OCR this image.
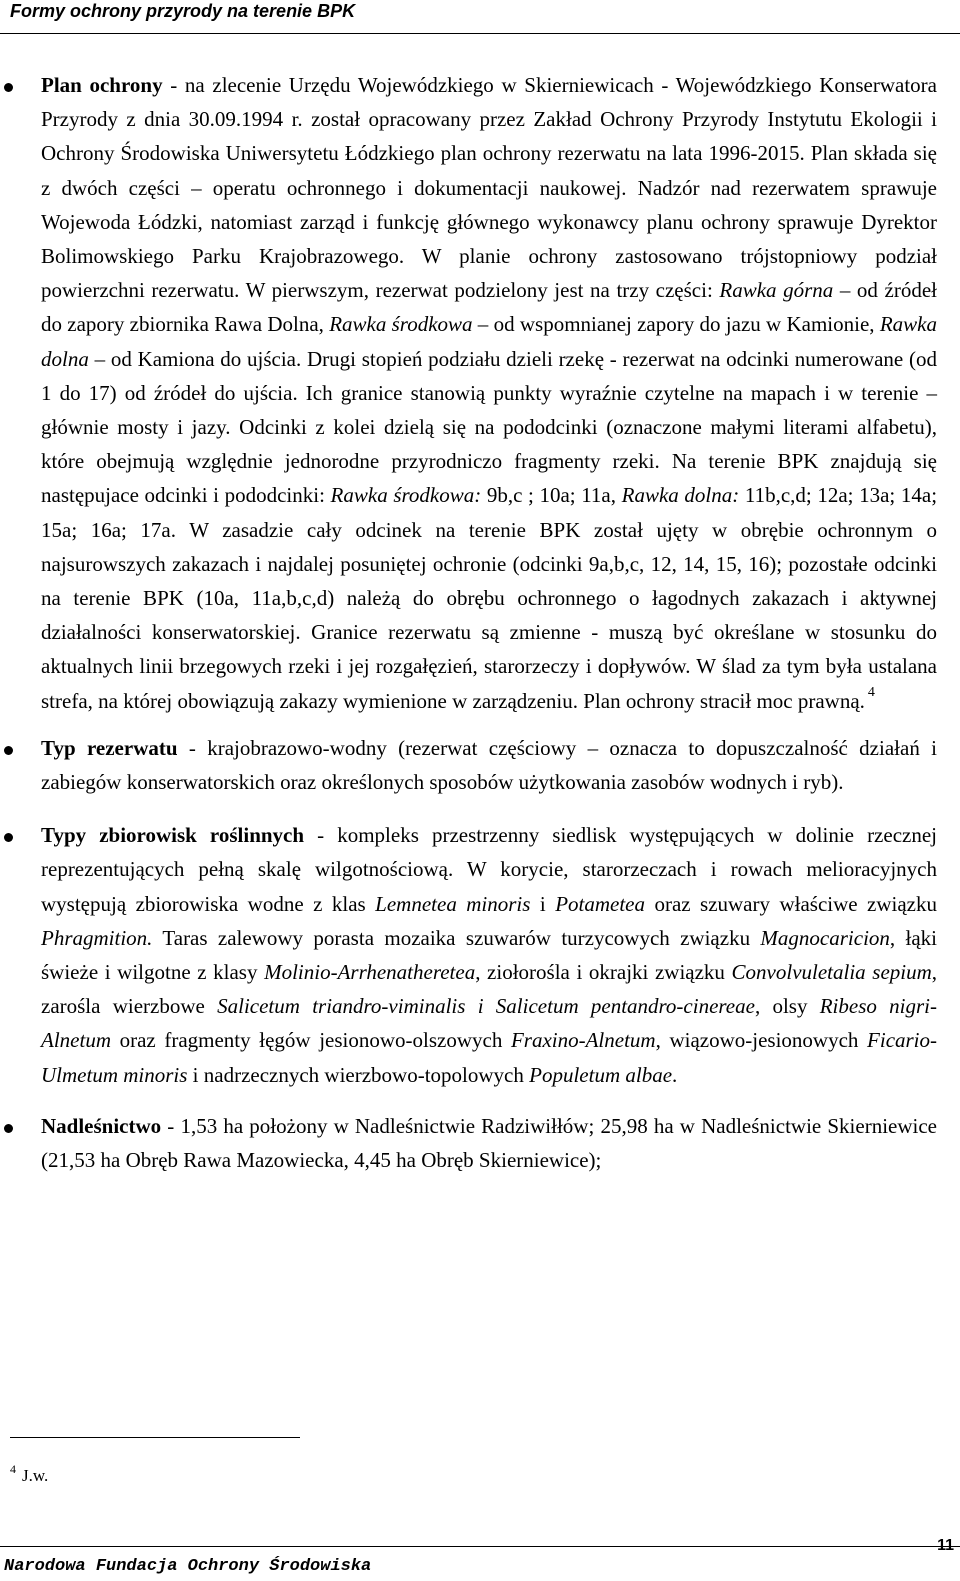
Formy ochrony przyrody na terenie BPK
Plan ochrony - na zlecenie Urzędu Wojewódzkiego w Skierniewicach - Wojewódzkiego Konserwatora Przyrody z dnia 30.09.1994 r. został opracowany przez Zakład Ochrony Przyrody Instytutu Ekologii i Ochrony Środowiska Uniwersytetu Łódzkiego plan ochrony rezerwatu na lata 1996-2015. Plan składa się z dwóch części – operatu ochronnego i dokumentacji naukowej. Nadzór nad rezerwatem sprawuje Wojewoda Łódzki, natomiast zarząd i funkcję głównego wykonawcy planu ochrony sprawuje Dyrektor Bolimowskiego Parku Krajobrazowego. W planie ochrony zastosowano trójstopniowy podział powierzchni rezerwatu. W pierwszym, rezerwat podzielony jest na trzy części: Rawka górna – od źródeł do zapory zbiornika Rawa Dolna, Rawka środkowa – od wspomnianej zapory do jazu w Kamionie, Rawka dolna – od Kamiona do ujścia. Drugi stopień podziału dzieli rzekę - rezerwat na odcinki numerowane (od 1 do 17) od źródeł do ujścia. Ich granice stanowią punkty wyraźnie czytelne na mapach i w terenie – głównie mosty i jazy. Odcinki z kolei dzielą się na pododcinki (oznaczone małymi literami alfabetu), które obejmują względnie jednorodne przyrodniczo fragmenty rzeki. Na terenie BPK znajdują się następujace odcinki i pododcinki: Rawka środkowa: 9b,c ; 10a; 11a, Rawka dolna: 11b,c,d; 12a; 13a; 14a; 15a; 16a; 17a. W zasadzie cały odcinek na terenie BPK został ujęty w obrębie ochronnym o najsurowszych zakazach i najdalej posuniętej ochronie (odcinki 9a,b,c, 12, 14, 15, 16); pozostałe odcinki na terenie BPK (10a, 11a,b,c,d) należą do obrębu ochronnego o łagodnych zakazach i aktywnej działalności konserwatorskiej. Granice rezerwatu są zmienne - muszą być określane w stosunku do aktualnych linii brzegowych rzeki i jej rozgałęzień, starorzeczy i dopływów. W ślad za tym była ustalana strefa, na której obowiązują zakazy wymienione w zarządzeniu. Plan ochrony stracił moc prawną. $^4$
Typ rezerwatu - krajobrazowo-wodny (rezerwat częściowy – oznacza to dopuszczalność działań i zabiegów konserwatorskich oraz określonych sposobów użytkowania zasobów wodnych i ryb).
Typy zbiorowisk roślinnych - kompleks przestrzenny siedlisk występujących w dolinie rzecznej reprezentujących pełną skalę wilgotnościową. W korycie, starorzeczach i rowach melioracyjnych występują zbiorowiska wodne z klas Lemnetea minoris i Potametea oraz szuwary właściwe związku Phragmition. Taras zalewowy porasta mozaika szuwarów turzycowych związku Magnocaricion, łąki świeże i wilgotne z klasy Molinio-Arrhenatheretea, ziołorośla i okrajki związku Convolvuletalia sepium, zarośla wierzbowe Salicetum triandro-viminalis i Salicetum pentandro-cinereae, olsy Ribeso nigri-Alnetum oraz fragmenty łęgów jesionowo-olszowych Fraxino-Alnetum, wiązowo-jesionowych Ficario-Ulmetum minoris i nadrzecznych wierzbowo-topolowych Populetum albae.
Nadleśnictwo - 1,53 ha położony w Nadleśnictwie Radziwiłłów; 25,98 ha w Nadleśnictwie Skierniewice (21,53 ha Obręb Rawa Mazowiecka, 4,45 ha Obręb Skierniewice);
$^4$ J.w.
Narodowa Fundacja Ochrony Środowiska
11
